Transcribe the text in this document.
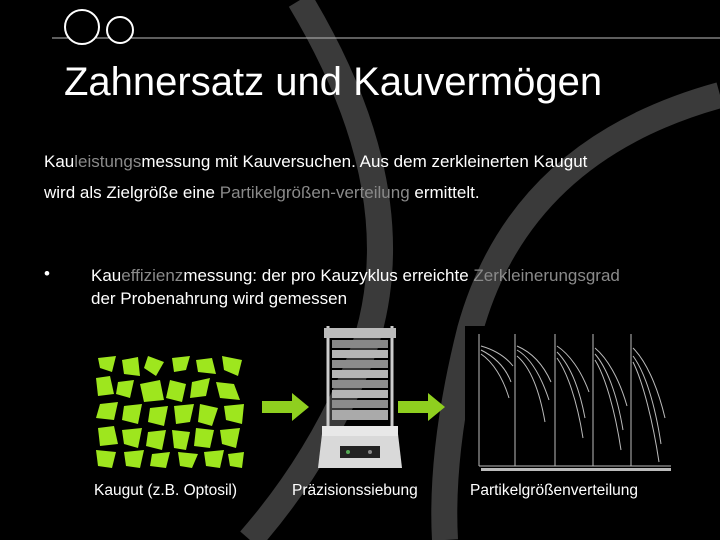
Zahnersatz und Kauvermögen
Kauleistungsmessung mit Kauversuchen. Aus dem zerkleinerten Kaugut wird als Zielgröße eine Partikelgrößen-verteilung ermittelt.
• Kaueffizienzmessung: der pro Kauzyklus erreichte Zerkleinerungsgrad der Probenahrung wird gemessen
Kaugut (z.B. Optosil)	Präzisionssiebung	Partikelgrößenverteilung
